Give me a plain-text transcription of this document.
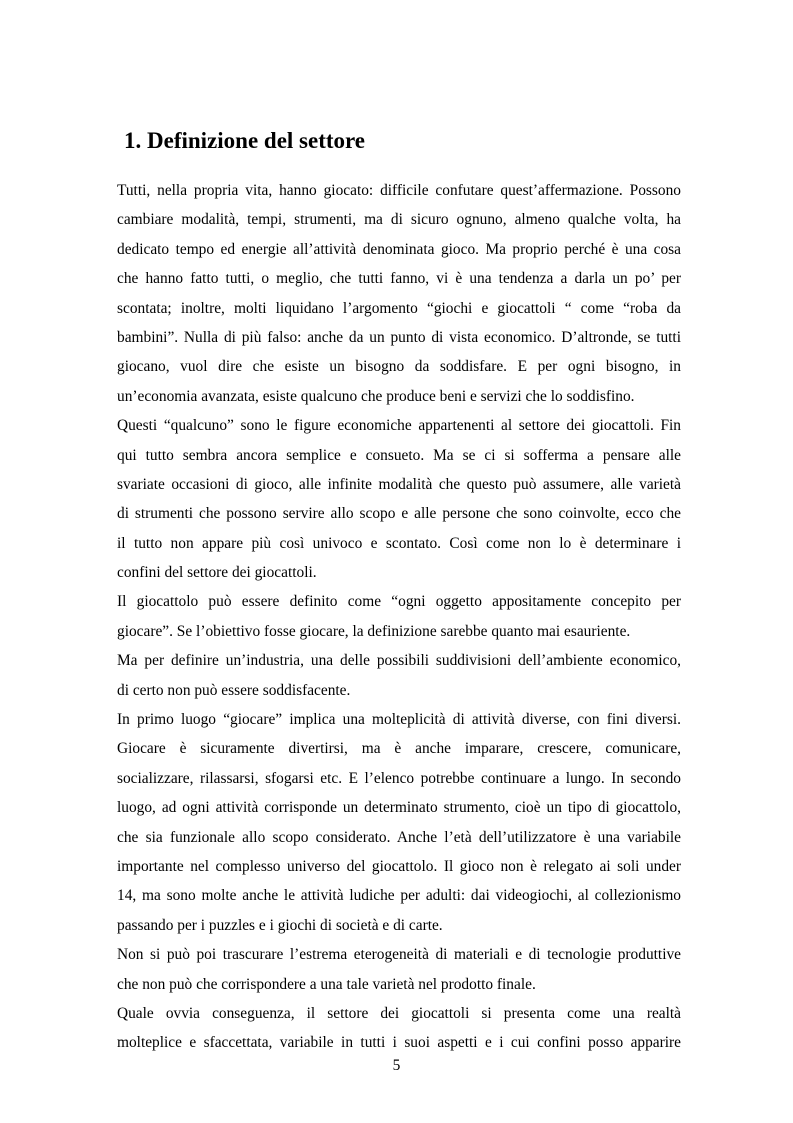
1. Definizione del settore
Tutti, nella propria vita, hanno giocato: difficile confutare quest’affermazione. Possono
cambiare modalità, tempi, strumenti, ma di sicuro ognuno, almeno qualche volta, ha
dedicato tempo ed energie all’attività denominata gioco. Ma proprio perché è una cosa
che hanno fatto tutti, o meglio, che tutti fanno, vi è una tendenza a darla un po’ per
scontata; inoltre, molti liquidano l’argomento “giochi e giocattoli “ come “roba da
bambini”. Nulla di più falso: anche da un punto di vista economico. D’altronde, se tutti
giocano, vuol dire che esiste un bisogno da soddisfare. E per ogni bisogno, in
un’economia avanzata, esiste qualcuno che produce beni e servizi che lo soddisfino.
Questi “qualcuno” sono le figure economiche appartenenti al settore dei giocattoli. Fin
qui tutto sembra ancora semplice e consueto. Ma se ci si sofferma a pensare alle
svariate occasioni di gioco, alle infinite modalità che questo può assumere, alle varietà
di strumenti che possono servire allo scopo e alle persone che sono coinvolte, ecco che
il tutto non appare più così univoco e scontato. Così come non lo è determinare i
confini del settore dei giocattoli.
Il giocattolo può essere definito come “ogni oggetto appositamente concepito per
giocare”. Se l’obiettivo fosse giocare, la definizione sarebbe quanto mai esauriente.
Ma per definire un’industria, una delle possibili suddivisioni dell’ambiente economico,
di certo non può essere soddisfacente.
In primo luogo “giocare” implica una molteplicità di attività diverse, con fini diversi.
Giocare è sicuramente divertirsi, ma è anche imparare, crescere, comunicare,
socializzare, rilassarsi, sfogarsi etc. E l’elenco potrebbe continuare a lungo. In secondo
luogo, ad ogni attività corrisponde un determinato strumento, cioè un tipo di giocattolo,
che sia funzionale allo scopo considerato. Anche l’età dell’utilizzatore è una variabile
importante nel complesso universo del giocattolo. Il gioco non è relegato ai soli under
14, ma sono molte anche le attività ludiche per adulti: dai videogiochi, al collezionismo
passando per i puzzles e i giochi di società e di carte.
Non si può poi trascurare l’estrema eterogeneità di materiali e di tecnologie produttive
che non può che corrispondere a una tale varietà nel prodotto finale.
Quale ovvia conseguenza, il settore dei giocattoli si presenta come una realtà
molteplice e sfaccettata, variabile in tutti i suoi aspetti e i cui confini posso apparire
5
